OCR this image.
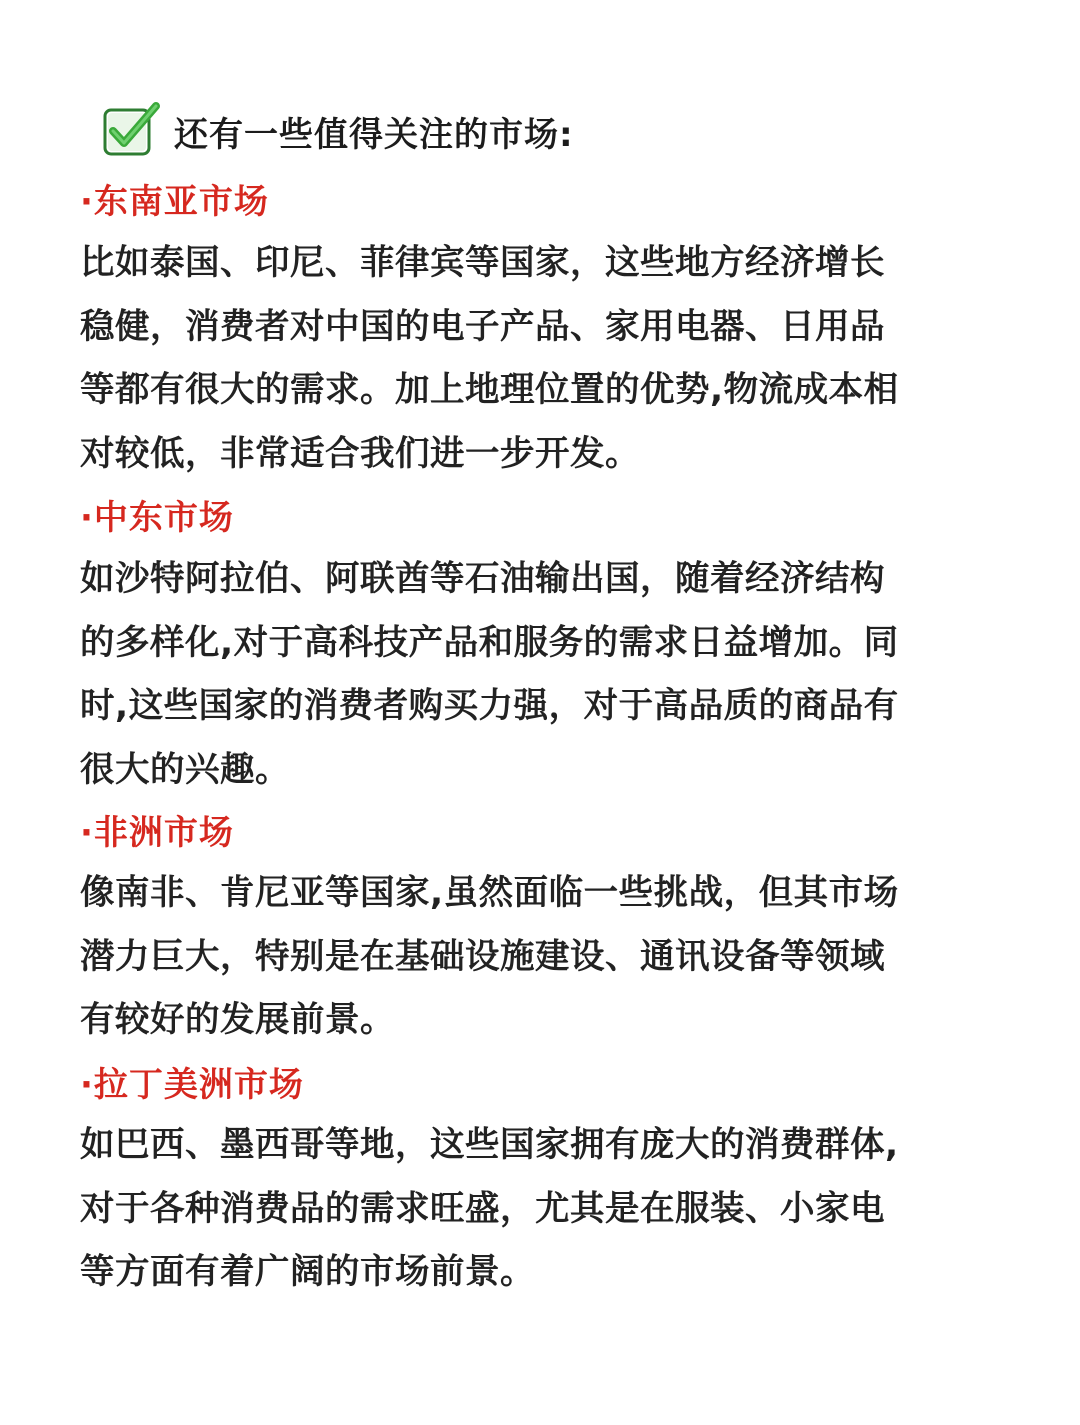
还有一些值得关注的市场:
·东南亚市场
比如泰国、印尼、菲律宾等国家，这些地方经济增长
稳健，消费者对中国的电子产品、家用电器、日用品
等都有很大的需求。加上地理位置的优势,物流成本相
对较低，非常适合我们进一步开发。
·中东市场
如沙特阿拉伯、阿联酋等石油输出国，随着经济结构
的多样化,对于高科技产品和服务的需求日益增加。同
时,这些国家的消费者购买力强，对于高品质的商品有
很大的兴趣。
·非洲市场
像南非、肯尼亚等国家,虽然面临一些挑战，但其市场
潜力巨大，特别是在基础设施建设、通讯设备等领域
有较好的发展前景。
·拉丁美洲市场
如巴西、墨西哥等地，这些国家拥有庞大的消费群体,
对于各种消费品的需求旺盛，尤其是在服装、小家电
等方面有着广阔的市场前景。
